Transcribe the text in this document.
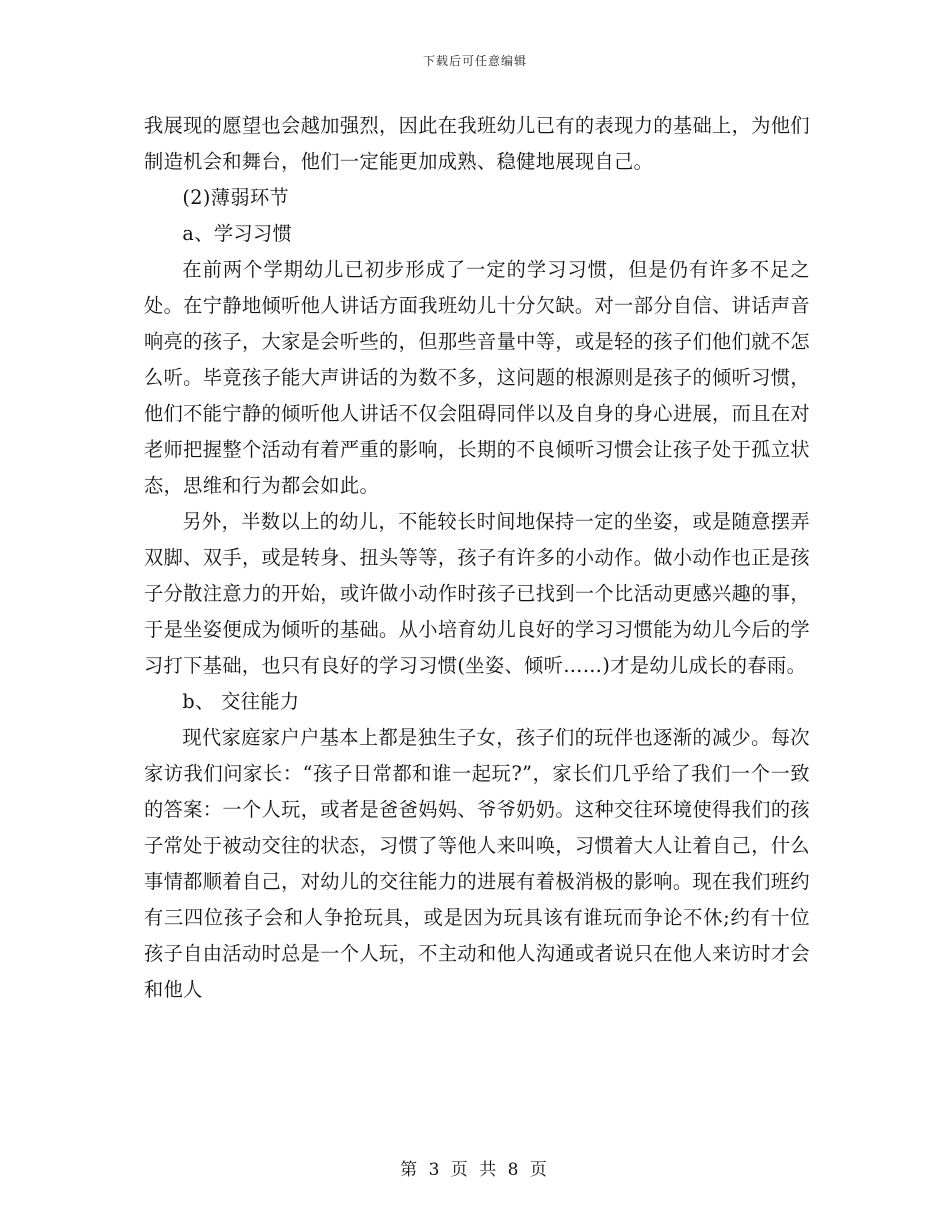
下载后可任意编辑

我展现的愿望也会越加强烈，因此在我班幼儿已有的表现力的基础上，为他们制造机会和舞台，他们一定能更加成熟、稳健地展现自己。

(2)薄弱环节

a、学习习惯

在前两个学期幼儿已初步形成了一定的学习习惯，但是仍有许多不足之处。在宁静地倾听他人讲话方面我班幼儿十分欠缺。对一部分自信、讲话声音响亮的孩子，大家是会听些的，但那些音量中等，或是轻的孩子们他们就不怎么听。毕竟孩子能大声讲话的为数不多，这问题的根源则是孩子的倾听习惯，他们不能宁静的倾听他人讲话不仅会阻碍同伴以及自身的身心进展，而且在对老师把握整个活动有着严重的影响，长期的不良倾听习惯会让孩子处于孤立状态，思维和行为都会如此。

另外，半数以上的幼儿，不能较长时间地保持一定的坐姿，或是随意摆弄双脚、双手，或是转身、扭头等等，孩子有许多的小动作。做小动作也正是孩子分散注意力的开始，或许做小动作时孩子已找到一个比活动更感兴趣的事，于是坐姿便成为倾听的基础。从小培育幼儿良好的学习习惯能为幼儿今后的学习打下基础，也只有良好的学习习惯(坐姿、倾听……)才是幼儿成长的春雨。

b、 交往能力

现代家庭家户户基本上都是独生子女，孩子们的玩伴也逐渐的减少。每次家访我们问家长：“孩子日常都和谁一起玩?”，家长们几乎给了我们一个一致的答案：一个人玩，或者是爸爸妈妈、爷爷奶奶。这种交往环境使得我们的孩子常处于被动交往的状态，习惯了等他人来叫唤，习惯着大人让着自己，什么事情都顺着自己，对幼儿的交往能力的进展有着极消极的影响。现在我们班约有三四位孩子会和人争抢玩具，或是因为玩具该有谁玩而争论不休;约有十位孩子自由活动时总是一个人玩，不主动和他人沟通或者说只在他人来访时才会和他人

第 3 页 共 8 页
